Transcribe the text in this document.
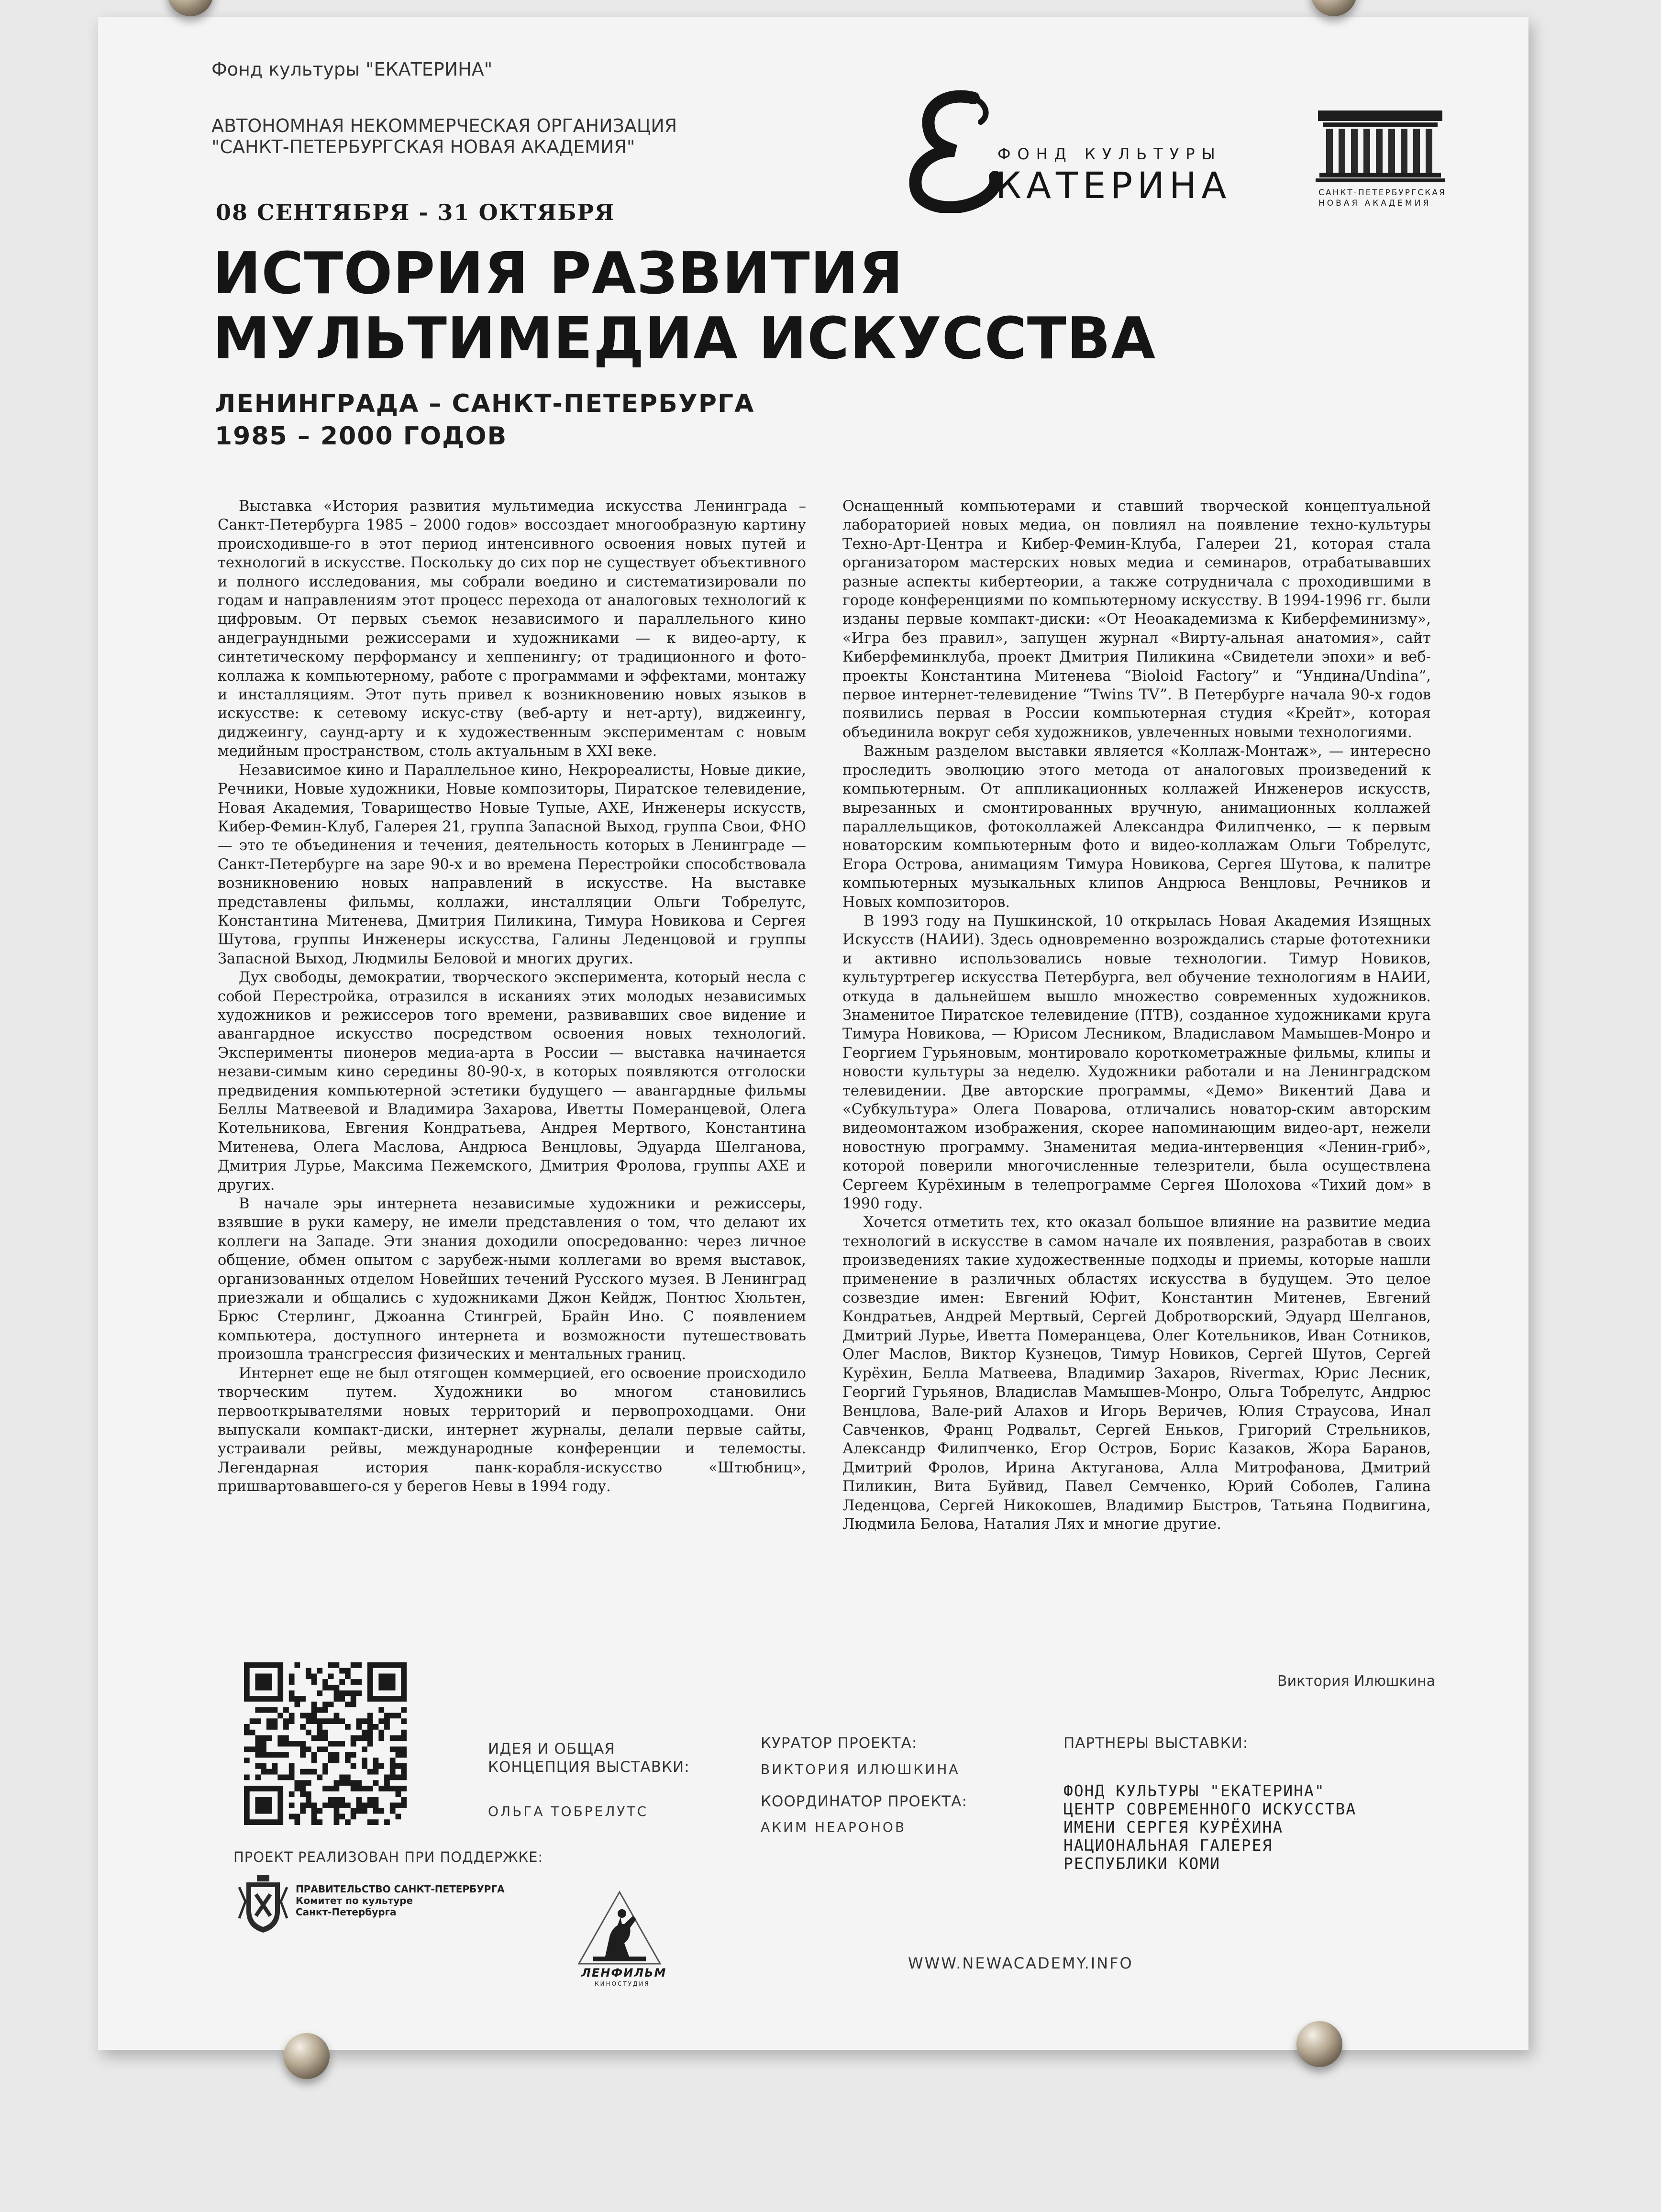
Фонд культуры "ЕКАТЕРИНА"
АВТОНОМНАЯ НЕКОММЕРЧЕСКАЯ ОРГАНИЗАЦИЯ
"САНКТ-ПЕТЕРБУРГСКАЯ НОВАЯ АКАДЕМИЯ"	ФОНД КУЛЬТУРЫ
КАТЕРИНА	САНКТ-ПЕТЕРБУРГСКАЯ
НОВАЯ АКАДЕМИЯ
08 СЕНТЯБРЯ - 31 ОКТЯБРЯ
ИСТОРИЯ РАЗВИТИЯ
МУЛЬТИМЕДИА ИСКУССТВА
ЛЕНИНГРАДА – САНКТ-ПЕТЕРБУРГА
1985 – 2000 ГОДОВ

Выставка «История развития мультимедиа искусства Ленинграда – Санкт-Петербурга 1985 – 2000 годов» воссоздает многообразную картину происходивше-го в этот период интенсивного освоения новых путей и технологий в искусстве. Поскольку до сих пор не существует объективного и полного исследования, мы собрали воедино и систематизировали по годам и направлениям этот процесс перехода от аналоговых технологий к цифровым. От первых съемок независимого и параллельного кино андеграундными режиссерами и художниками — к видео-арту, к синтетическому перформансу и хеппенингу; от традиционного и фото-коллажа к компьютерному, работе с программами и эффектами, монтажу и инсталляциям. Этот путь привел к возникновению новых языков в искусстве: к сетевому искус-ству (веб-арту и нет-арту), виджеингу, диджеингу, саунд-арту и к художественным экспериментам с новым медийным пространством, столь актуальным в XXI веке.

Независимое кино и Параллельное кино, Некрореалисты, Новые дикие, Речники, Новые художники, Новые композиторы, Пиратское телевидение, Новая Академия, Товарищество Новые Тупые, АХЕ, Инженеры искусств, Кибер-Фемин-Клуб, Галерея 21, группа Запасной Выход, группа Свои, ФНО — это те объединения и течения, деятельность которых в Ленинграде — Санкт-Петербурге на заре 90-х и во времена Перестройки способствовала возникновению новых направлений в искусстве. На выставке представлены фильмы, коллажи, инсталляции Ольги Тобрелутс, Константина Митенева, Дмитрия Пиликина, Тимура Новикова и Сергея Шутова, группы Инженеры искусства, Галины Леденцовой и группы Запасной Выход, Людмилы Беловой и многих других.

Дух свободы, демократии, творческого эксперимента, который несла с собой Перестройка, отразился в исканиях этих молодых независимых художников и режиссеров того времени, развивавших свое видение и авангардное искусство посредством освоения новых технологий. Эксперименты пионеров медиа-арта в России — выставка начинается незави-симым кино середины 80-90-х, в которых появляются отголоски предвидения компьютерной эстетики будущего — авангардные фильмы Беллы Матвеевой и Владимира Захарова, Иветты Померанцевой, Олега Котельникова, Евгения Кондратьева, Андрея Мертвого, Константина Митенева, Олега Маслова, Андрюса Венцловы, Эдуарда Шелганова, Дмитрия Лурье, Максима Пежемского, Дмитрия Фролова, группы АХЕ и других.

В начале эры интернета независимые художники и режиссеры, взявшие в руки камеру, не имели представления о том, что делают их коллеги на Западе. Эти знания доходили опосредованно: через личное общение, обмен опытом с зарубеж-ными коллегами во время выставок, организованных отделом Новейших течений Русского музея. В Ленинград приезжали и общались с художниками Джон Кейдж, Понтюс Хюльтен, Брюс Стерлинг, Джоанна Стингрей, Брайн Ино. С появлением компьютера, доступного интернета и возможности путешествовать произошла трансгрессия физических и ментальных границ.

Интернет еще не был отягощен коммерцией, его освоение происходило творческим путем. Художники во многом становились первооткрывателями новых территорий и первопроходцами. Они выпускали компакт-диски, интернет журналы, делали первые сайты, устраивали рейвы, международные конференции и телемосты. Легендарная история панк-корабля-искусство «Штюбниц», пришвартовавшего-ся у берегов Невы в 1994 году.

Оснащенный компьютерами и ставший творческой концептуальной лабораторией новых медиа, он повлиял на появление техно-культуры Техно-Арт-Центра и Кибер-Фемин-Клуба, Галереи 21, которая стала организатором мастерских новых медиа и семинаров, отрабатывавших разные аспекты кибертеории, а также сотрудничала с проходившими в городе конференциями по компьютерному искусству. В 1994-1996 гг. были изданы первые компакт-диски: «От Неоакадемизма к Киберфеминизму», «Игра без правил», запущен журнал «Вирту-альная анатомия», сайт Киберфеминклуба, проект Дмитрия Пиликина «Свидетели эпохи» и веб-проекты Константина Митенева “Bioloid Factory” и “Ундина/Undina”, первое интернет-телевидение “Twins TV”. В Петербурге начала 90-х годов появились первая в России компьютерная студия «Крейт», которая объединила вокруг себя художников, увлеченных новыми технологиями.

Важным разделом выставки является «Коллаж-Монтаж», — интересно проследить эволюцию этого метода от аналоговых произведений к компьютерным. От аппликационных коллажей Инженеров искусств, вырезанных и смонтированных вручную, анимационных коллажей параллельщиков, фотоколлажей Александра Филипченко, — к первым новаторским компьютерным фото и видео-коллажам Ольги Тобрелутс, Егора Острова, анимациям Тимура Новикова, Сергея Шутова, к палитре компьютерных музыкальных клипов Андрюса Венцловы, Речников и Новых композиторов.

В 1993 году на Пушкинской, 10 открылась Новая Академия Изящных Искусств (НАИИ). Здесь одновременно возрождались старые фототехники и активно использовались новые технологии. Тимур Новиков, культуртрегер искусства Петербурга, вел обучение технологиям в НАИИ, откуда в дальнейшем вышло множество современных художников. Знаменитое Пиратское телевидение (ПТВ), созданное художниками круга Тимура Новикова, — Юрисом Лесником, Владиславом Мамышев-Монро и Георгием Гурьяновым, монтировало короткометражные фильмы, клипы и новости культуры за неделю. Художники работали и на Ленинградском телевидении. Две авторские программы, «Демо» Викентий Дава и «Субкультура» Олега Поварова, отличались новатор-ским авторским видеомонтажом изображения, скорее напоминающим видео-арт, нежели новостную программу. Знаменитая медиа-интервенция «Ленин-гриб», которой поверили многочисленные телезрители, была осуществлена Сергеем Курёхиным в телепрограмме Сергея Шолохова «Тихий дом» в 1990 году.

Хочется отметить тех, кто оказал большое влияние на развитие медиа технологий в искусстве в самом начале их появления, разработав в своих произведениях такие художественные подходы и приемы, которые нашли применение в различных областях искусства в будущем. Это целое созвездие имен: Евгений Юфит, Константин Митенев, Евгений Кондратьев, Андрей Мертвый, Сергей Добротворский, Эдуард Шелганов, Дмитрий Лурье, Иветта Померанцева, Олег Котельников, Иван Сотников, Олег Маслов, Виктор Кузнецов, Тимур Новиков, Сергей Шутов, Сергей Курёхин, Белла Матвеева, Владимир Захаров, Rivermax, Юрис Лесник, Георгий Гурьянов, Владислав Мамышев-Монро, Ольга Тобрелутс, Андрюс Венцлова, Вале-рий Алахов и Игорь Веричев, Юлия Страусова, Инал Савченков, Франц Родвальт, Сергей Еньков, Григорий Стрельников, Александр Филипченко, Егор Остров, Борис Казаков, Жора Баранов, Дмитрий Фролов, Ирина Актуганова, Алла Митрофанова, Дмитрий Пиликин, Вита Буйвид, Павел Семченко, Юрий Соболев, Галина Леденцова, Сергей Никокошев, Владимир Быстров, Татьяна Подвигина, Людмила Белова, Наталия Лях и многие другие.

Виктория Илюшкина
ИДЕЯ И ОБЩАЯ
КОНЦЕПЦИЯ ВЫСТАВКИ:
ОЛЬГА ТОБРЕЛУТС
КУРАТОР ПРОЕКТА:
ВИКТОРИЯ ИЛЮШКИНА
КООРДИНАТОР ПРОЕКТА:
АКИМ НЕАРОНОВ
ПАРТНЕРЫ ВЫСТАВКИ:
ФОНД КУЛЬТУРЫ "ЕКАТЕРИНА"
ЦЕНТР СОВРЕМЕННОГО ИСКУССТВА
ИМЕНИ СЕРГЕЯ КУРЁХИНА
НАЦИОНАЛЬНАЯ ГАЛЕРЕЯ
РЕСПУБЛИКИ КОМИ
ПРОЕКТ РЕАЛИЗОВАН ПРИ ПОДДЕРЖКЕ:
ПРАВИТЕЛЬСТВО САНКТ-ПЕТЕРБУРГА
Комитет по культуре
Санкт-Петербурга
ЛЕНФИЛЬМ
КИНОСТУДИЯ
WWW.NEWACADEMY.INFO
